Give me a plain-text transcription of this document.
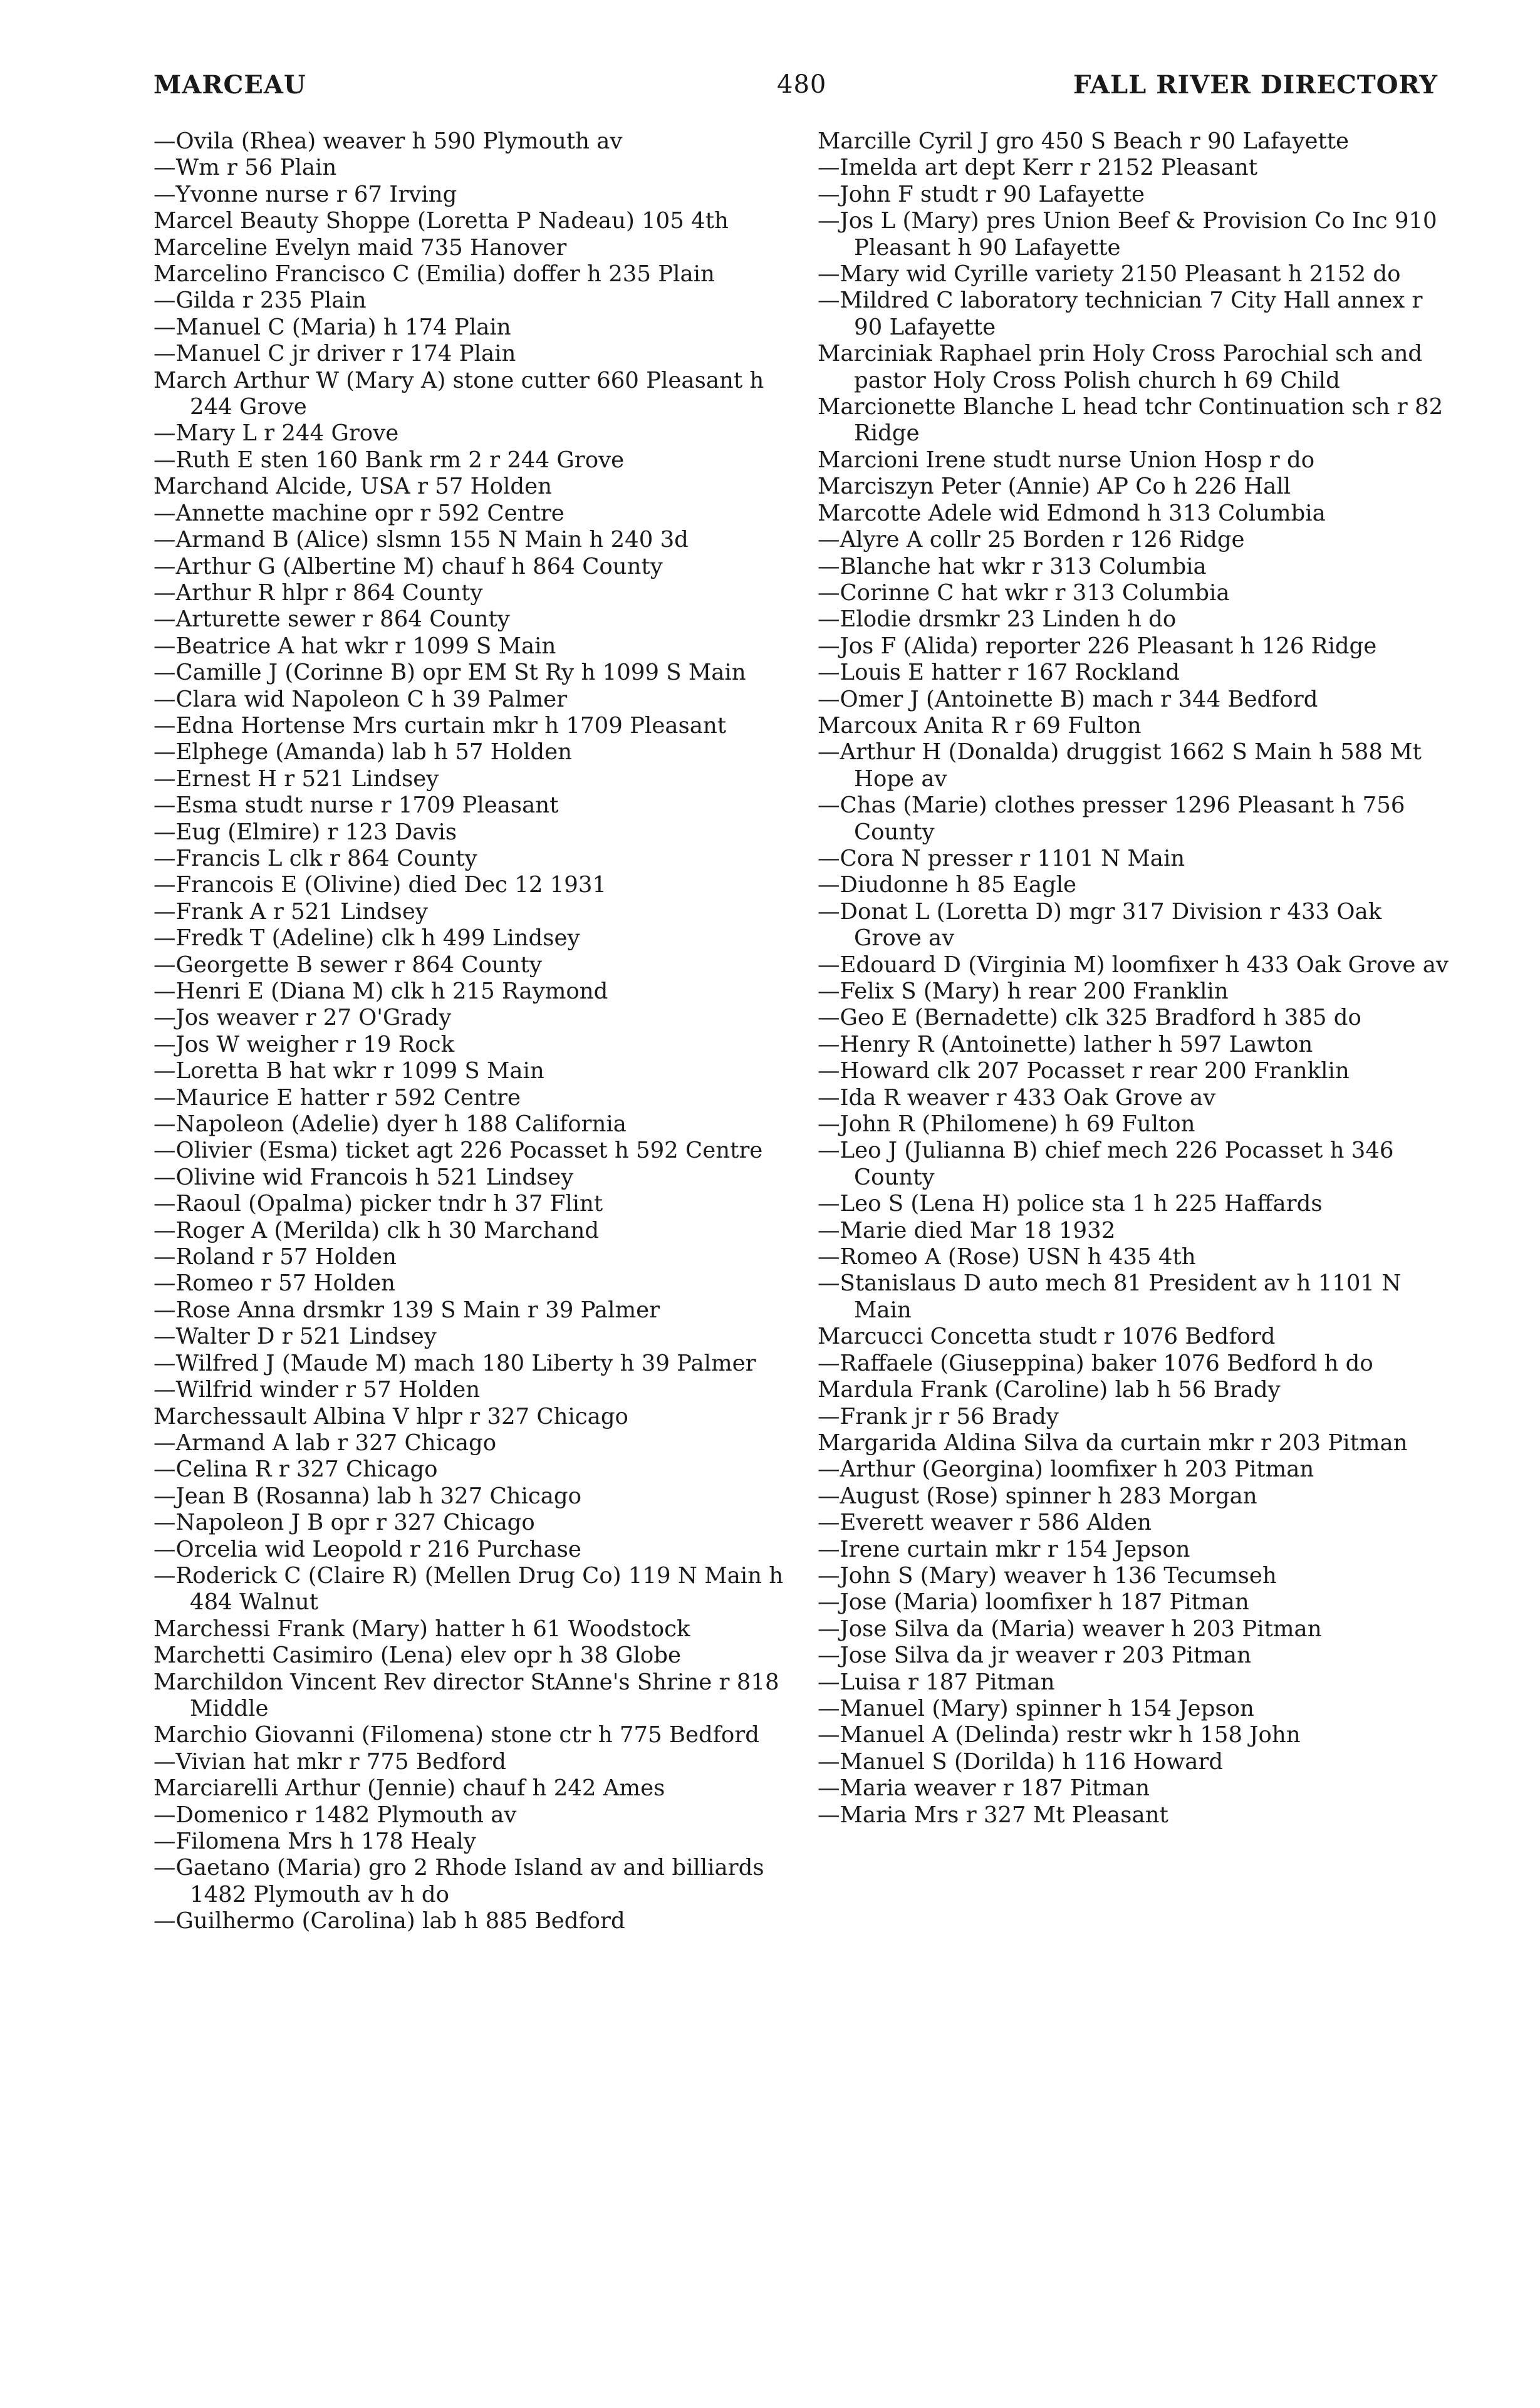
MARCEAU	480	FALL RIVER DIRECTORY
—Ovila (Rhea) weaver h 590 Plymouth av
—Wm r 56 Plain
—Yvonne nurse r 67 Irving
Marcel Beauty Shoppe (Loretta P Nadeau) 105 4th
Marceline Evelyn maid 735 Hanover
Marcelino Francisco C (Emilia) doffer h 235 Plain
—Gilda r 235 Plain
—Manuel C (Maria) h 174 Plain
—Manuel C jr driver r 174 Plain
March Arthur W (Mary A) stone cutter 660 Pleasant h 244 Grove
—Mary L r 244 Grove
—Ruth E sten 160 Bank rm 2 r 244 Grove
Marchand Alcide, USA r 57 Holden
—Annette machine opr r 592 Centre
—Armand B (Alice) slsmn 155 N Main h 240 3d
—Arthur G (Albertine M) chauf h 864 County
—Arthur R hlpr r 864 County
—Arturette sewer r 864 County
—Beatrice A hat wkr r 1099 S Main
—Camille J (Corinne B) opr EM St Ry h 1099 S Main
—Clara wid Napoleon C h 39 Palmer
—Edna Hortense Mrs curtain mkr h 1709 Pleasant
—Elphege (Amanda) lab h 57 Holden
—Ernest H r 521 Lindsey
—Esma studt nurse r 1709 Pleasant
—Eug (Elmire) r 123 Davis
—Francis L clk r 864 County
—Francois E (Olivine) died Dec 12 1931
—Frank A r 521 Lindsey
—Fredk T (Adeline) clk h 499 Lindsey
—Georgette B sewer r 864 County
—Henri E (Diana M) clk h 215 Raymond
—Jos weaver r 27 O'Grady
—Jos W weigher r 19 Rock
—Loretta B hat wkr r 1099 S Main
—Maurice E hatter r 592 Centre
—Napoleon (Adelie) dyer h 188 California
—Olivier (Esma) ticket agt 226 Pocasset h 592 Centre
—Olivine wid Francois h 521 Lindsey
—Raoul (Opalma) picker tndr h 37 Flint
—Roger A (Merilda) clk h 30 Marchand
—Roland r 57 Holden
—Romeo r 57 Holden
—Rose Anna drsmkr 139 S Main r 39 Palmer
—Walter D r 521 Lindsey
—Wilfred J (Maude M) mach 180 Liberty h 39 Palmer
—Wilfrid winder r 57 Holden
Marchessault Albina V hlpr r 327 Chicago
—Armand A lab r 327 Chicago
—Celina R r 327 Chicago
—Jean B (Rosanna) lab h 327 Chicago
—Napoleon J B opr r 327 Chicago
—Orcelia wid Leopold r 216 Purchase
—Roderick C (Claire R) (Mellen Drug Co) 119 N Main h 484 Walnut
Marchessi Frank (Mary) hatter h 61 Woodstock
Marchetti Casimiro (Lena) elev opr h 38 Globe
Marchildon Vincent Rev director StAnne's Shrine r 818 Middle
Marchio Giovanni (Filomena) stone ctr h 775 Bedford
—Vivian hat mkr r 775 Bedford
Marciarelli Arthur (Jennie) chauf h 242 Ames
—Domenico r 1482 Plymouth av
—Filomena Mrs h 178 Healy
—Gaetano (Maria) gro 2 Rhode Island av and billiards 1482 Plymouth av h do
—Guilhermo (Carolina) lab h 885 Bedford
Marcille Cyril J gro 450 S Beach r 90 Lafayette
—Imelda art dept Kerr r 2152 Pleasant
—John F studt r 90 Lafayette
—Jos L (Mary) pres Union Beef & Provision Co Inc 910 Pleasant h 90 Lafayette
—Mary wid Cyrille variety 2150 Pleasant h 2152 do
—Mildred C laboratory technician 7 City Hall annex r 90 Lafayette
Marciniak Raphael prin Holy Cross Parochial sch and pastor Holy Cross Polish church h 69 Child
Marcionette Blanche L head tchr Continuation sch r 82 Ridge
Marcioni Irene studt nurse Union Hosp r do
Marciszyn Peter (Annie) AP Co h 226 Hall
Marcotte Adele wid Edmond h 313 Columbia
—Alyre A collr 25 Borden r 126 Ridge
—Blanche hat wkr r 313 Columbia
—Corinne C hat wkr r 313 Columbia
—Elodie drsmkr 23 Linden h do
—Jos F (Alida) reporter 226 Pleasant h 126 Ridge
—Louis E hatter r 167 Rockland
—Omer J (Antoinette B) mach r 344 Bedford
Marcoux Anita R r 69 Fulton
—Arthur H (Donalda) druggist 1662 S Main h 588 Mt Hope av
—Chas (Marie) clothes presser 1296 Pleasant h 756 County
—Cora N presser r 1101 N Main
—Diudonne h 85 Eagle
—Donat L (Loretta D) mgr 317 Division r 433 Oak Grove av
—Edouard D (Virginia M) loomfixer h 433 Oak Grove av
—Felix S (Mary) h rear 200 Franklin
—Geo E (Bernadette) clk 325 Bradford h 385 do
—Henry R (Antoinette) lather h 597 Lawton
—Howard clk 207 Pocasset r rear 200 Franklin
—Ida R weaver r 433 Oak Grove av
—John R (Philomene) h 69 Fulton
—Leo J (Julianna B) chief mech 226 Pocasset h 346 County
—Leo S (Lena H) police sta 1 h 225 Haffards
—Marie died Mar 18 1932
—Romeo A (Rose) USN h 435 4th
—Stanislaus D auto mech 81 President av h 1101 N Main
Marcucci Concetta studt r 1076 Bedford
—Raffaele (Giuseppina) baker 1076 Bedford h do
Mardula Frank (Caroline) lab h 56 Brady
—Frank jr r 56 Brady
Margarida Aldina Silva da curtain mkr r 203 Pitman
—Arthur (Georgina) loomfixer h 203 Pitman
—August (Rose) spinner h 283 Morgan
—Everett weaver r 586 Alden
—Irene curtain mkr r 154 Jepson
—John S (Mary) weaver h 136 Tecumseh
—Jose (Maria) loomfixer h 187 Pitman
—Jose Silva da (Maria) weaver h 203 Pitman
—Jose Silva da jr weaver r 203 Pitman
—Luisa r 187 Pitman
—Manuel (Mary) spinner h 154 Jepson
—Manuel A (Delinda) restr wkr h 158 John
—Manuel S (Dorilda) h 116 Howard
—Maria weaver r 187 Pitman
—Maria Mrs r 327 Mt Pleasant
